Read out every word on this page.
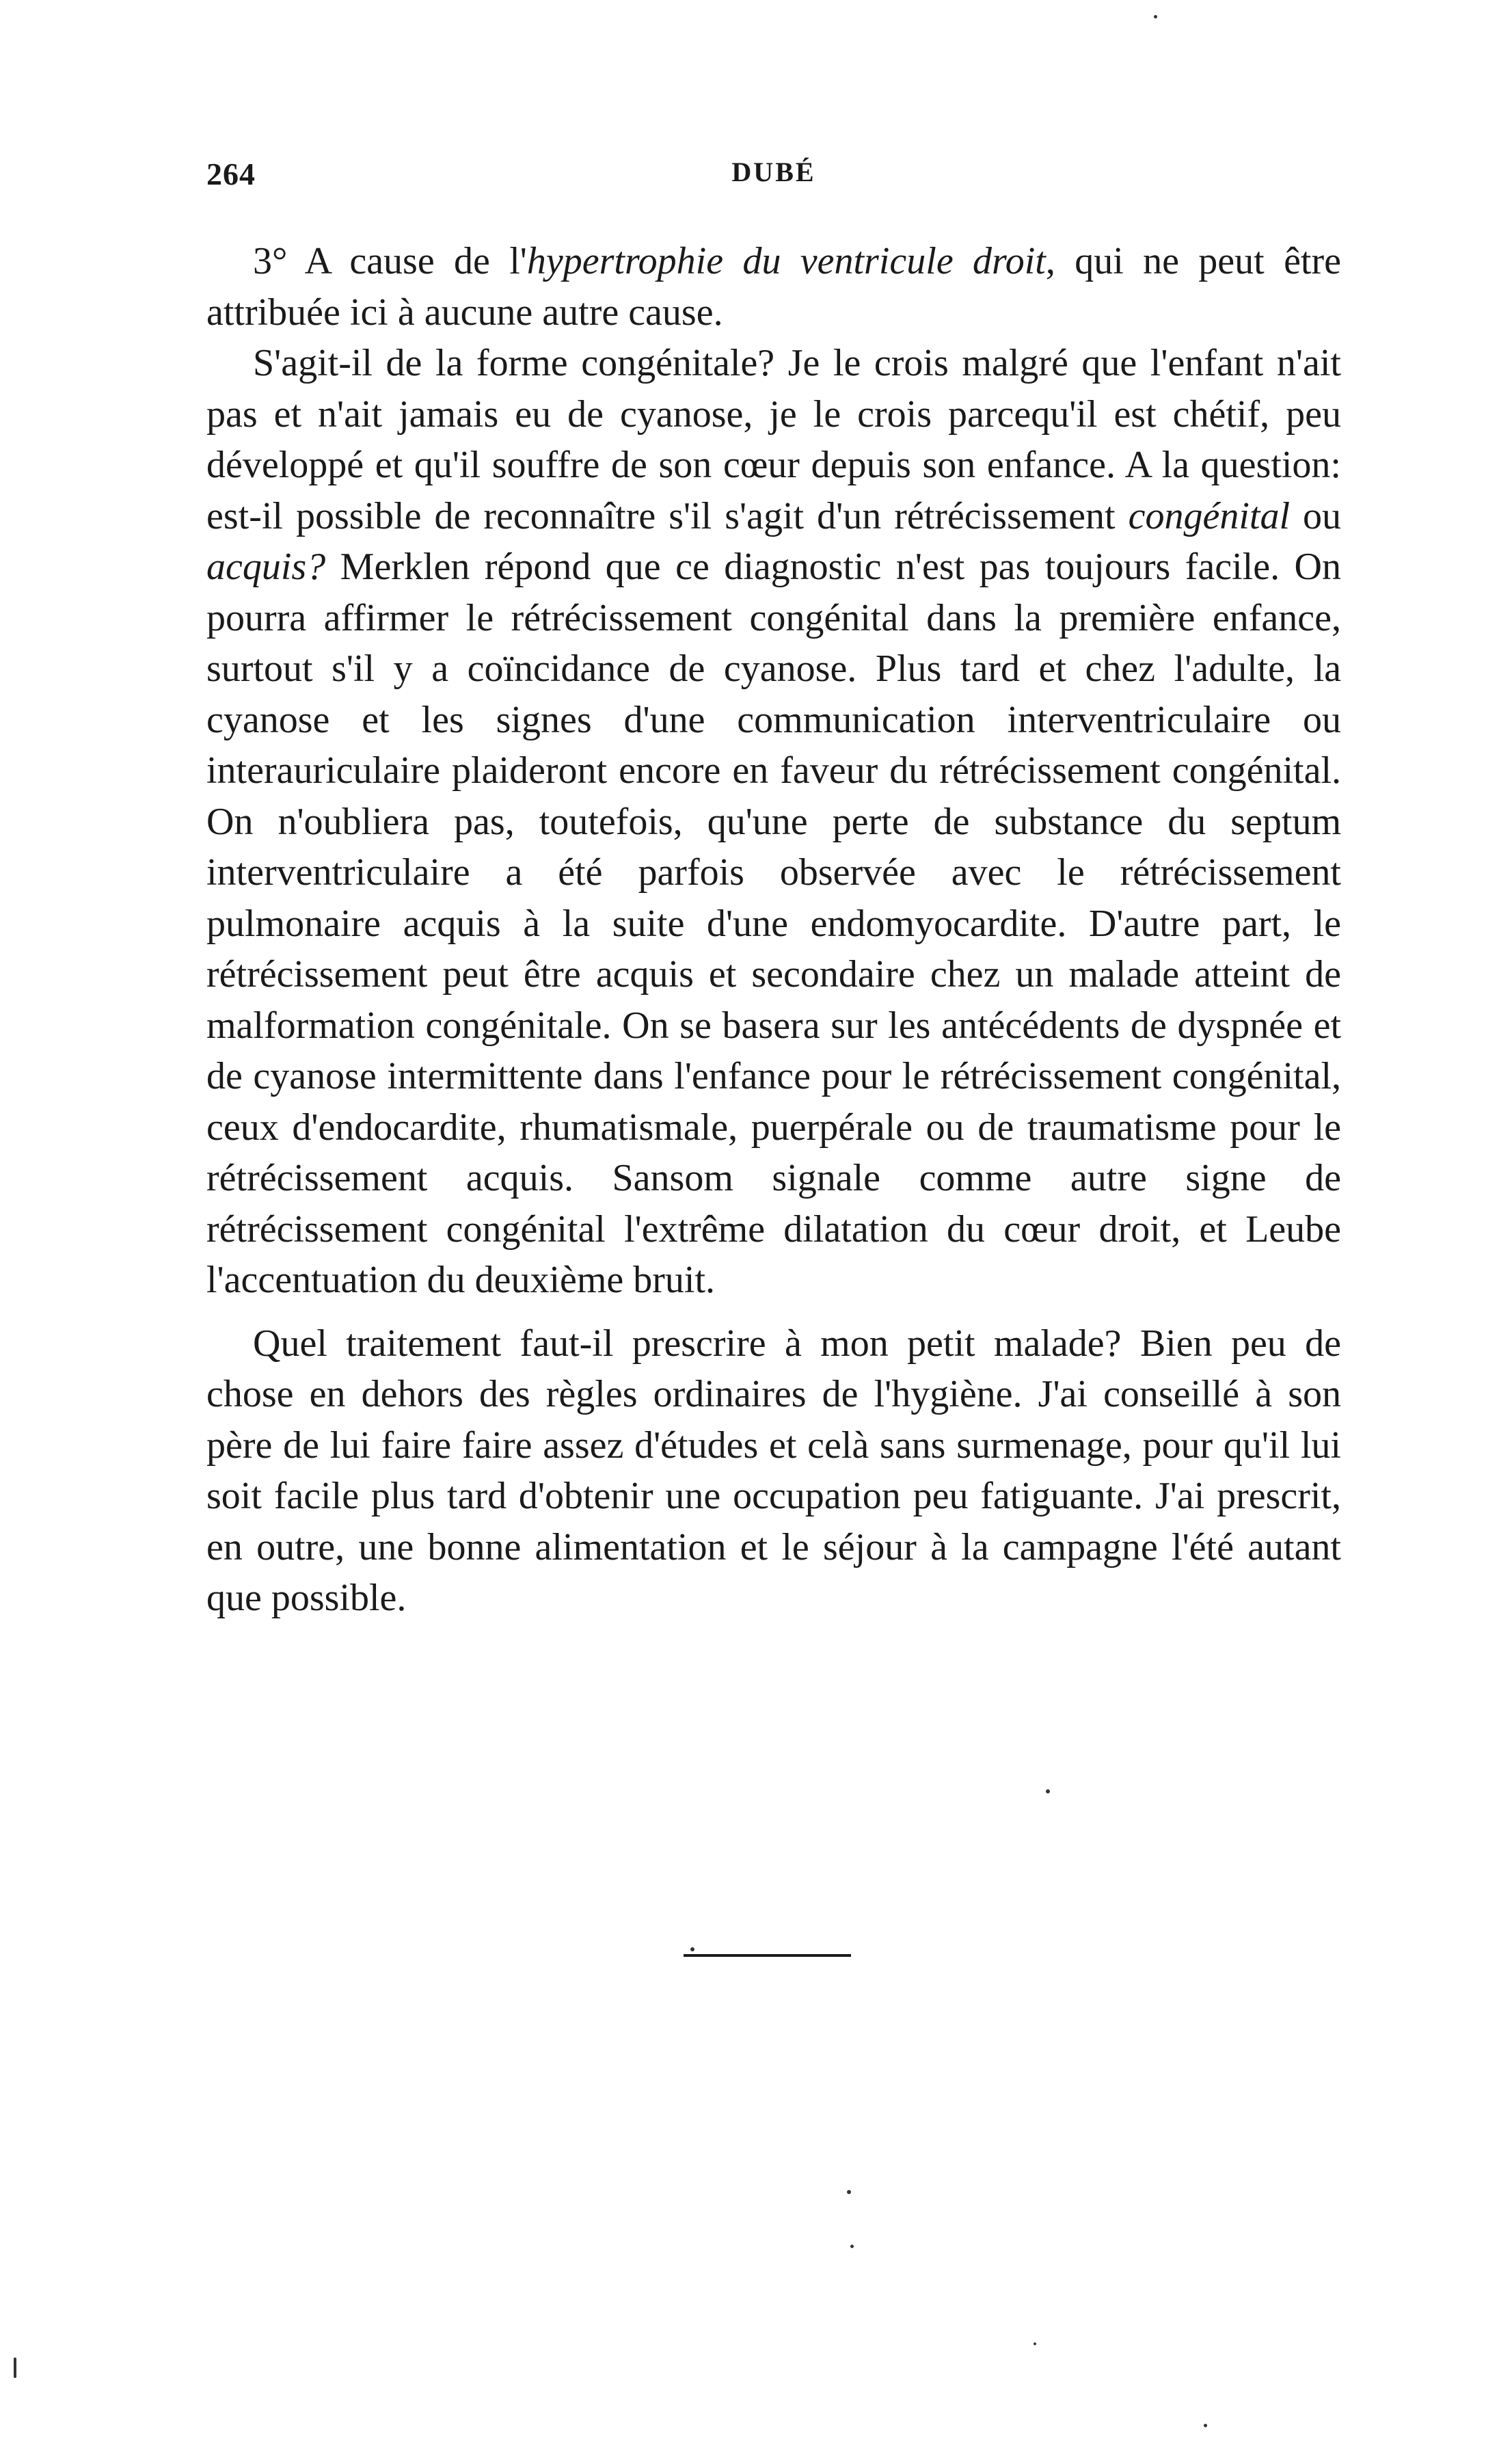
264	DUBÉ

3° A cause de l'hypertrophie du ventricule droit, qui ne peut être attribuée ici à aucune autre cause.

S'agit-il de la forme congénitale? Je le crois malgré que l'enfant n'ait pas et n'ait jamais eu de cyanose, je le crois parcequ'il est chétif, peu développé et qu'il souffre de son cœur depuis son enfance. A la question: est-il possible de reconnaître s'il s'agit d'un rétrécissement congénital ou acquis? Merklen répond que ce diagnostic n'est pas toujours facile. On pourra affirmer le rétrécissement congénital dans la première enfance, surtout s'il y a coïncidance de cyanose. Plus tard et chez l'adulte, la cyanose et les signes d'une communication interventriculaire ou interauriculaire plaideront encore en faveur du rétrécissement congénital. On n'oubliera pas, toutefois, qu'une perte de substance du septum interventriculaire a été parfois observée avec le rétrécissement pulmonaire acquis à la suite d'une endomyocardite. D'autre part, le rétrécissement peut être acquis et secondaire chez un malade atteint de malformation congénitale. On se basera sur les antécédents de dyspnée et de cyanose intermittente dans l'enfance pour le rétrécissement congénital, ceux d'endocardite, rhumatismale, puerpérale ou de traumatisme pour le rétrécissement acquis. Sansom signale comme autre signe de rétrécissement congénital l'extrême dilatation du cœur droit, et Leube l'accentuation du deuxième bruit.

Quel traitement faut-il prescrire à mon petit malade? Bien peu de chose en dehors des règles ordinaires de l'hygiène. J'ai conseillé à son père de lui faire faire assez d'études et celà sans surmenage, pour qu'il lui soit facile plus tard d'obtenir une occupation peu fatiguante. J'ai prescrit, en outre, une bonne alimentation et le séjour à la campagne l'été autant que possible.
